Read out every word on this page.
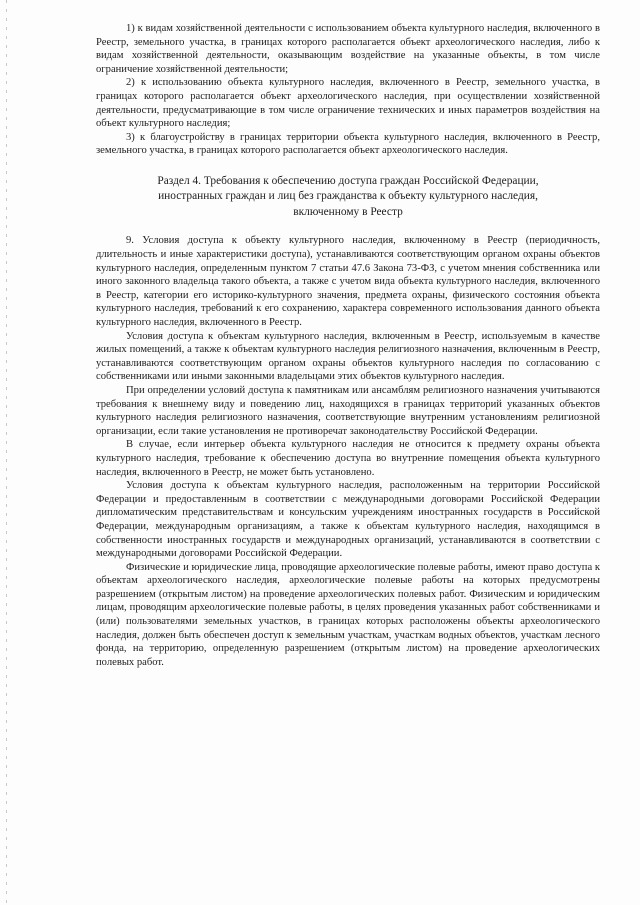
1) к видам хозяйственной деятельности с использованием объекта культурного наследия, включенного в Реестр, земельного участка, в границах которого располагается объект археологического наследия, либо к видам хозяйственной деятельности, оказывающим воздействие на указанные объекты, в том числе ограничение хозяйственной деятельности;

2) к использованию объекта культурного наследия, включенного в Реестр, земельного участка, в границах которого располагается объект археологического наследия, при осуществлении хозяйственной деятельности, предусматривающие в том числе ограничение технических и иных параметров воздействия на объект культурного наследия;

3) к благоустройству в границах территории объекта культурного наследия, включенного в Реестр, земельного участка, в границах которого располагается объект археологического наследия.

Раздел 4. Требования к обеспечению доступа граждан Российской Федерации,
иностранных граждан и лиц без гражданства к объекту культурного наследия,
включенному в Реестр

9. Условия доступа к объекту культурного наследия, включенному в Реестр (периодичность, длительность и иные характеристики доступа), устанавливаются соответствующим органом охраны объектов культурного наследия, определенным пунктом 7 статьи 47.6 Закона 73-ФЗ, с учетом мнения собственника или иного законного владельца такого объекта, а также с учетом вида объекта культурного наследия, включенного в Реестр, категории его историко-культурного значения, предмета охраны, физического состояния объекта культурного наследия, требований к его сохранению, характера современного использования данного объекта культурного наследия, включенного в Реестр.

Условия доступа к объектам культурного наследия, включенным в Реестр, используемым в качестве жилых помещений, а также к объектам культурного наследия религиозного назначения, включенным в Реестр, устанавливаются соответствующим органом охраны объектов культурного наследия по согласованию с собственниками или иными законными владельцами этих объектов культурного наследия.

При определении условий доступа к памятникам или ансамблям религиозного назначения учитываются требования к внешнему виду и поведению лиц, находящихся в границах территорий указанных объектов культурного наследия религиозного назначения, соответствующие внутренним установлениям религиозной организации, если такие установления не противоречат законодательству Российской Федерации.

В случае, если интерьер объекта культурного наследия не относится к предмету охраны объекта культурного наследия, требование к обеспечению доступа во внутренние помещения объекта культурного наследия, включенного в Реестр, не может быть установлено.

Условия доступа к объектам культурного наследия, расположенным на территории Российской Федерации и предоставленным в соответствии с международными договорами Российской Федерации дипломатическим представительствам и консульским учреждениям иностранных государств в Российской Федерации, международным организациям, а также к объектам культурного наследия, находящимся в собственности иностранных государств и международных организаций, устанавливаются в соответствии с международными договорами Российской Федерации.

Физические и юридические лица, проводящие археологические полевые работы, имеют право доступа к объектам археологического наследия, археологические полевые работы на которых предусмотрены разрешением (открытым листом) на проведение археологических полевых работ. Физическим и юридическим лицам, проводящим археологические полевые работы, в целях проведения указанных работ собственниками и (или) пользователями земельных участков, в границах которых расположены объекты археологического наследия, должен быть обеспечен доступ к земельным участкам, участкам водных объектов, участкам лесного фонда, на территорию, определенную разрешением (открытым листом) на проведение археологических полевых работ.
